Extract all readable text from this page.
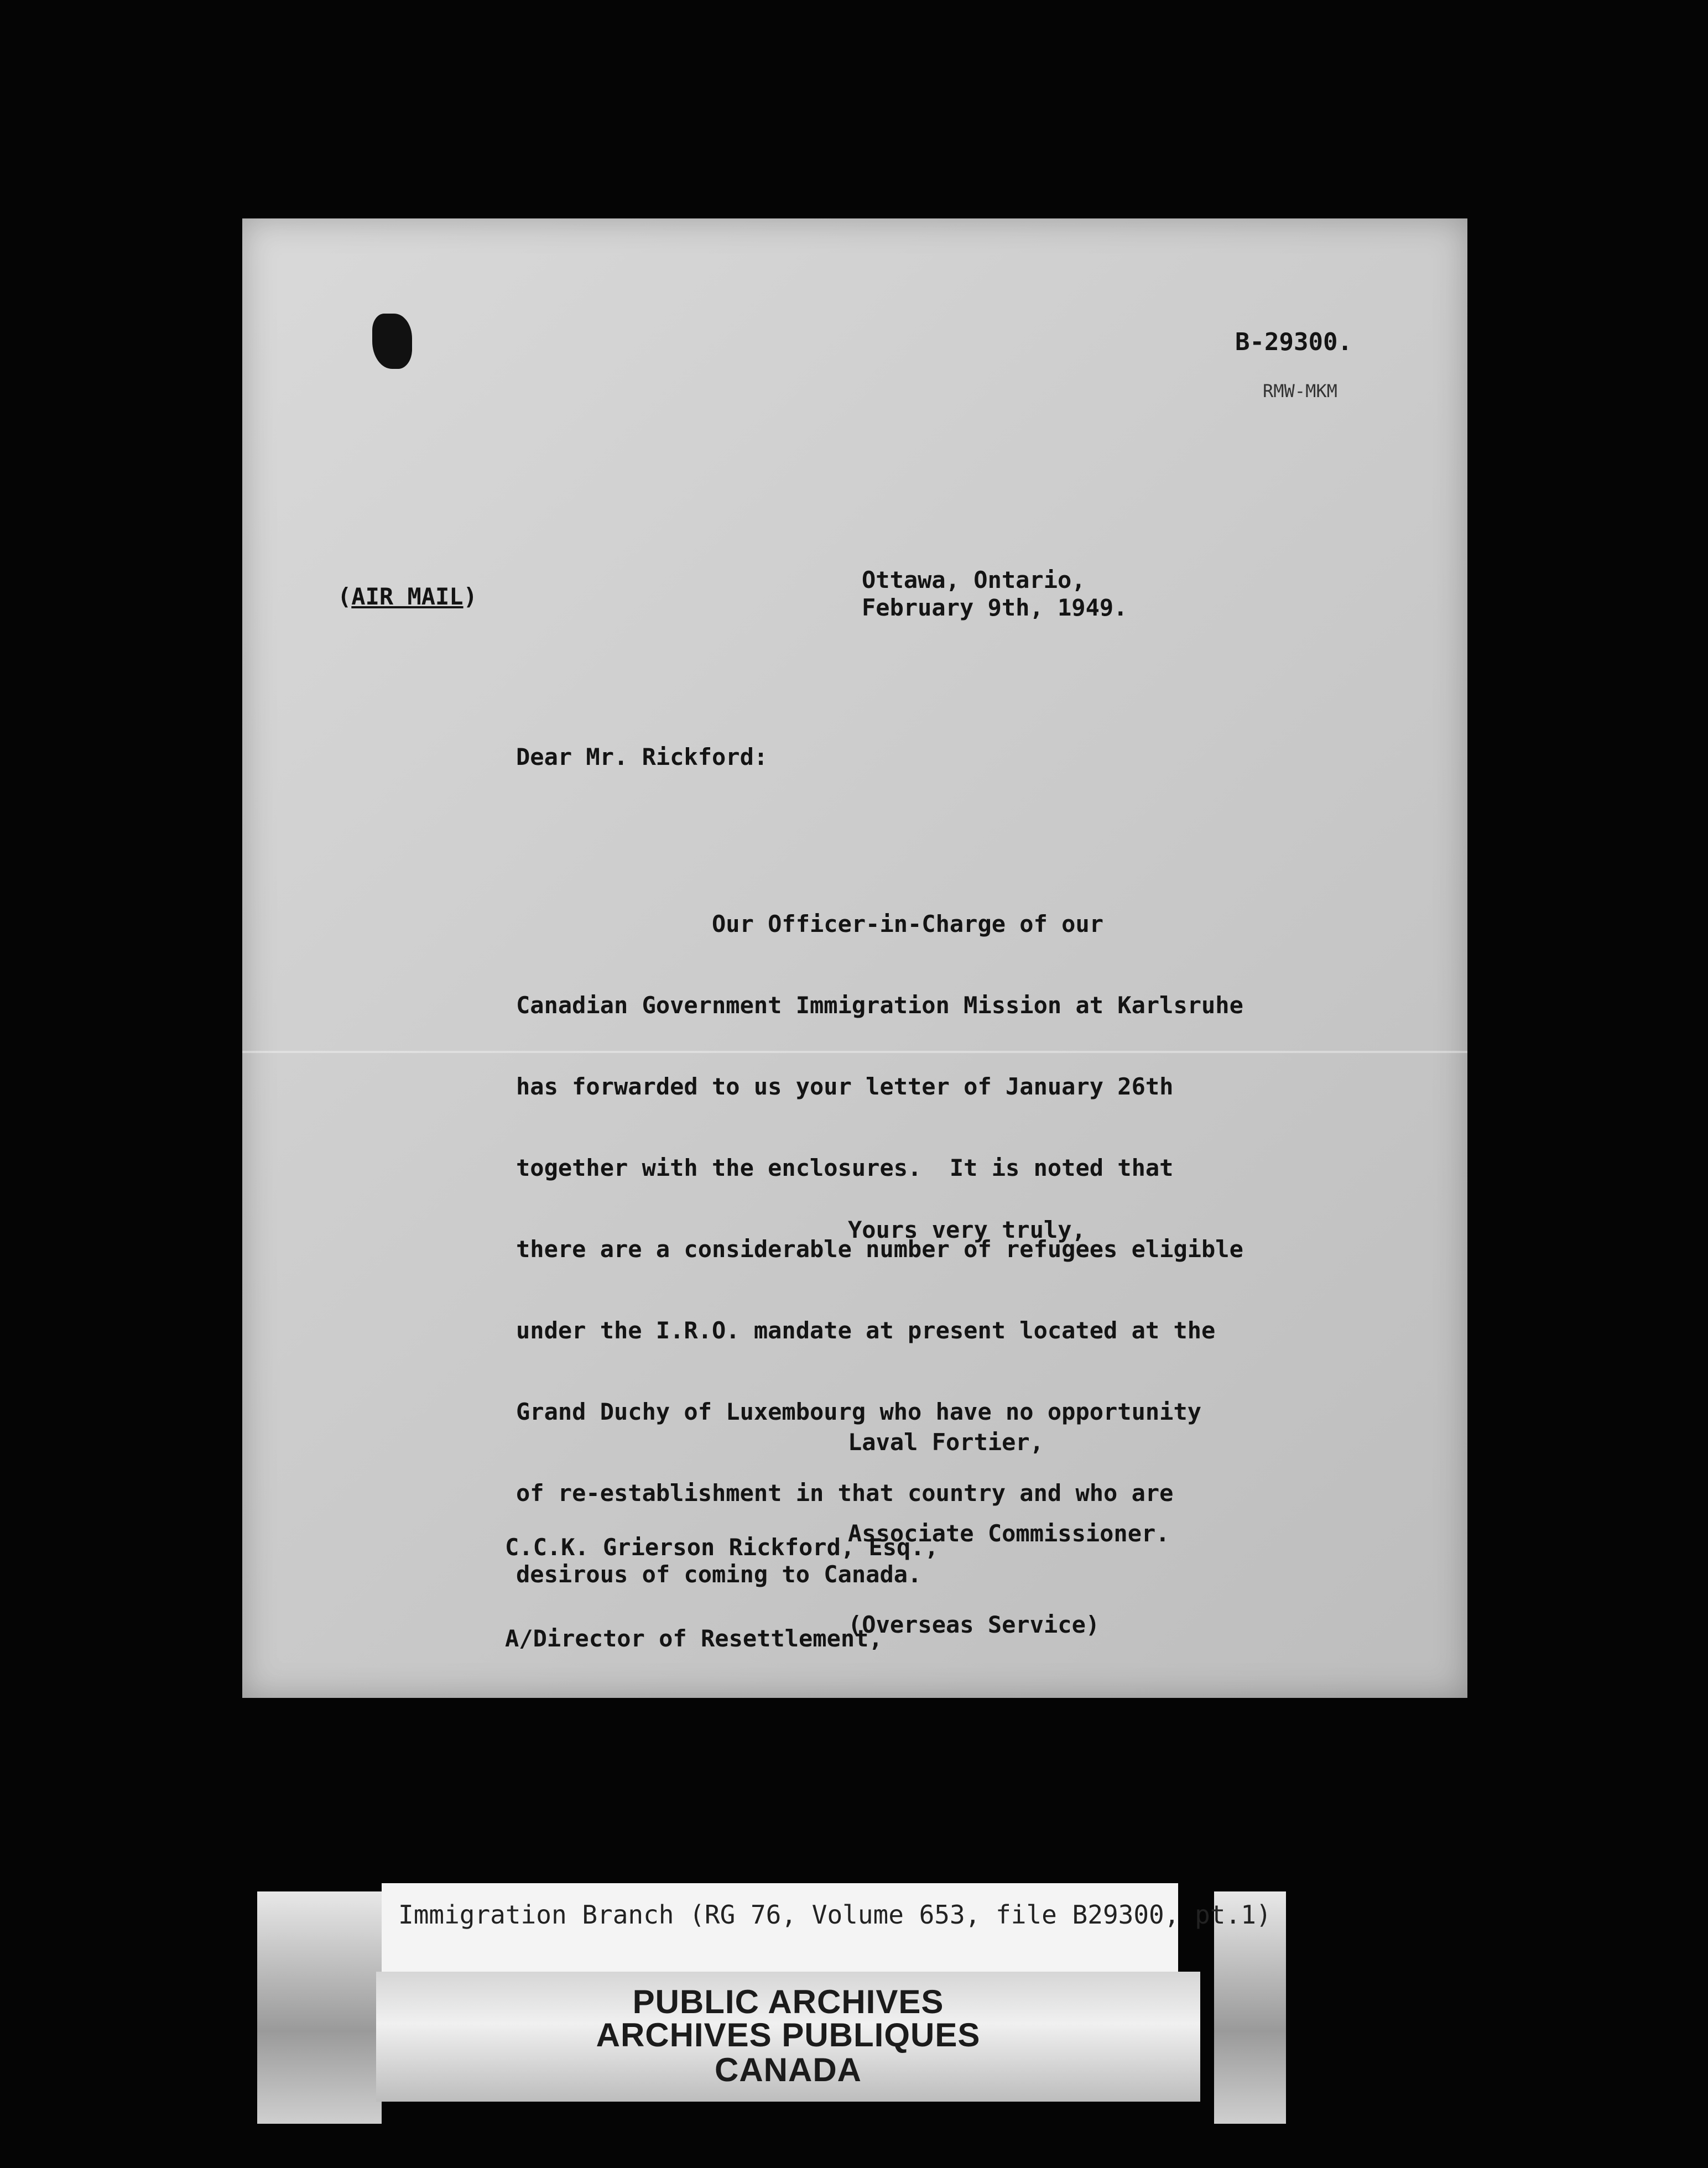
B-29300.

RMW-MKM

(AIR MAIL)

Ottawa, Ontario,

February 9th, 1949.

Dear Mr. Rickford:

Our Officer-in-Charge of our

Canadian Government Immigration Mission at Karlsruhe

has forwarded to us your letter of January 26th

together with the enclosures.  It is noted that

there are a considerable number of refugees eligible

under the I.R.O. mandate at present located at the

Grand Duchy of Luxembourg who have no opportunity

of re-establishment in that country and who are

desirous of coming to Canada.

Yours very truly,

Laval Fortier,

Associate Commissioner.

(Overseas Service)

C.C.K. Grierson Rickford, Esq.,

A/Director of Resettlement,

Immigration Branch (RG 76, Volume 653, file B29300, pt.1)
PUBLIC ARCHIVES
ARCHIVES PUBLIQUES
CANADA
